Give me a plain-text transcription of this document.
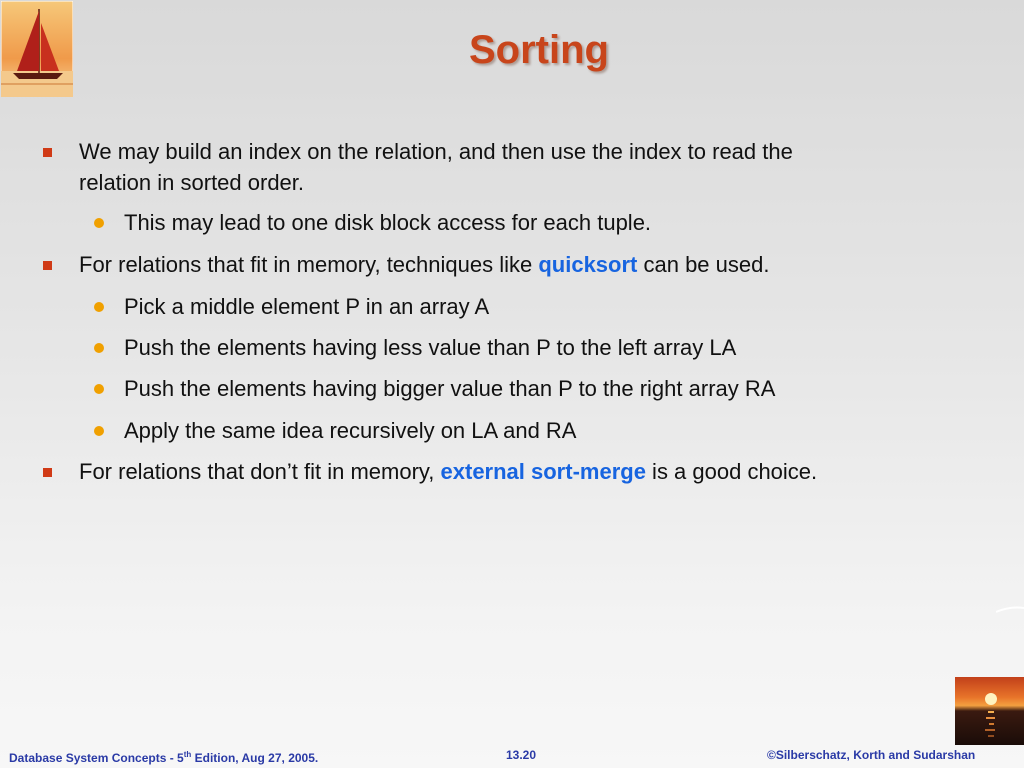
Sorting
We may build an index on the relation, and then use the index to read the
relation in sorted order.
This may lead to one disk block access for each tuple.
For relations that fit in memory, techniques like quicksort can be used.
Pick a middle element P in an array A
Push the elements having less value than P to the left array LA
Push the elements having bigger value than P to the right array RA
Apply the same idea recursively on LA and RA
For relations that don’t fit in memory, external sort-merge is a good choice.
Database System Concepts - 5th Edition, Aug 27, 2005.	13.20	©Silberschatz, Korth and Sudarshan
